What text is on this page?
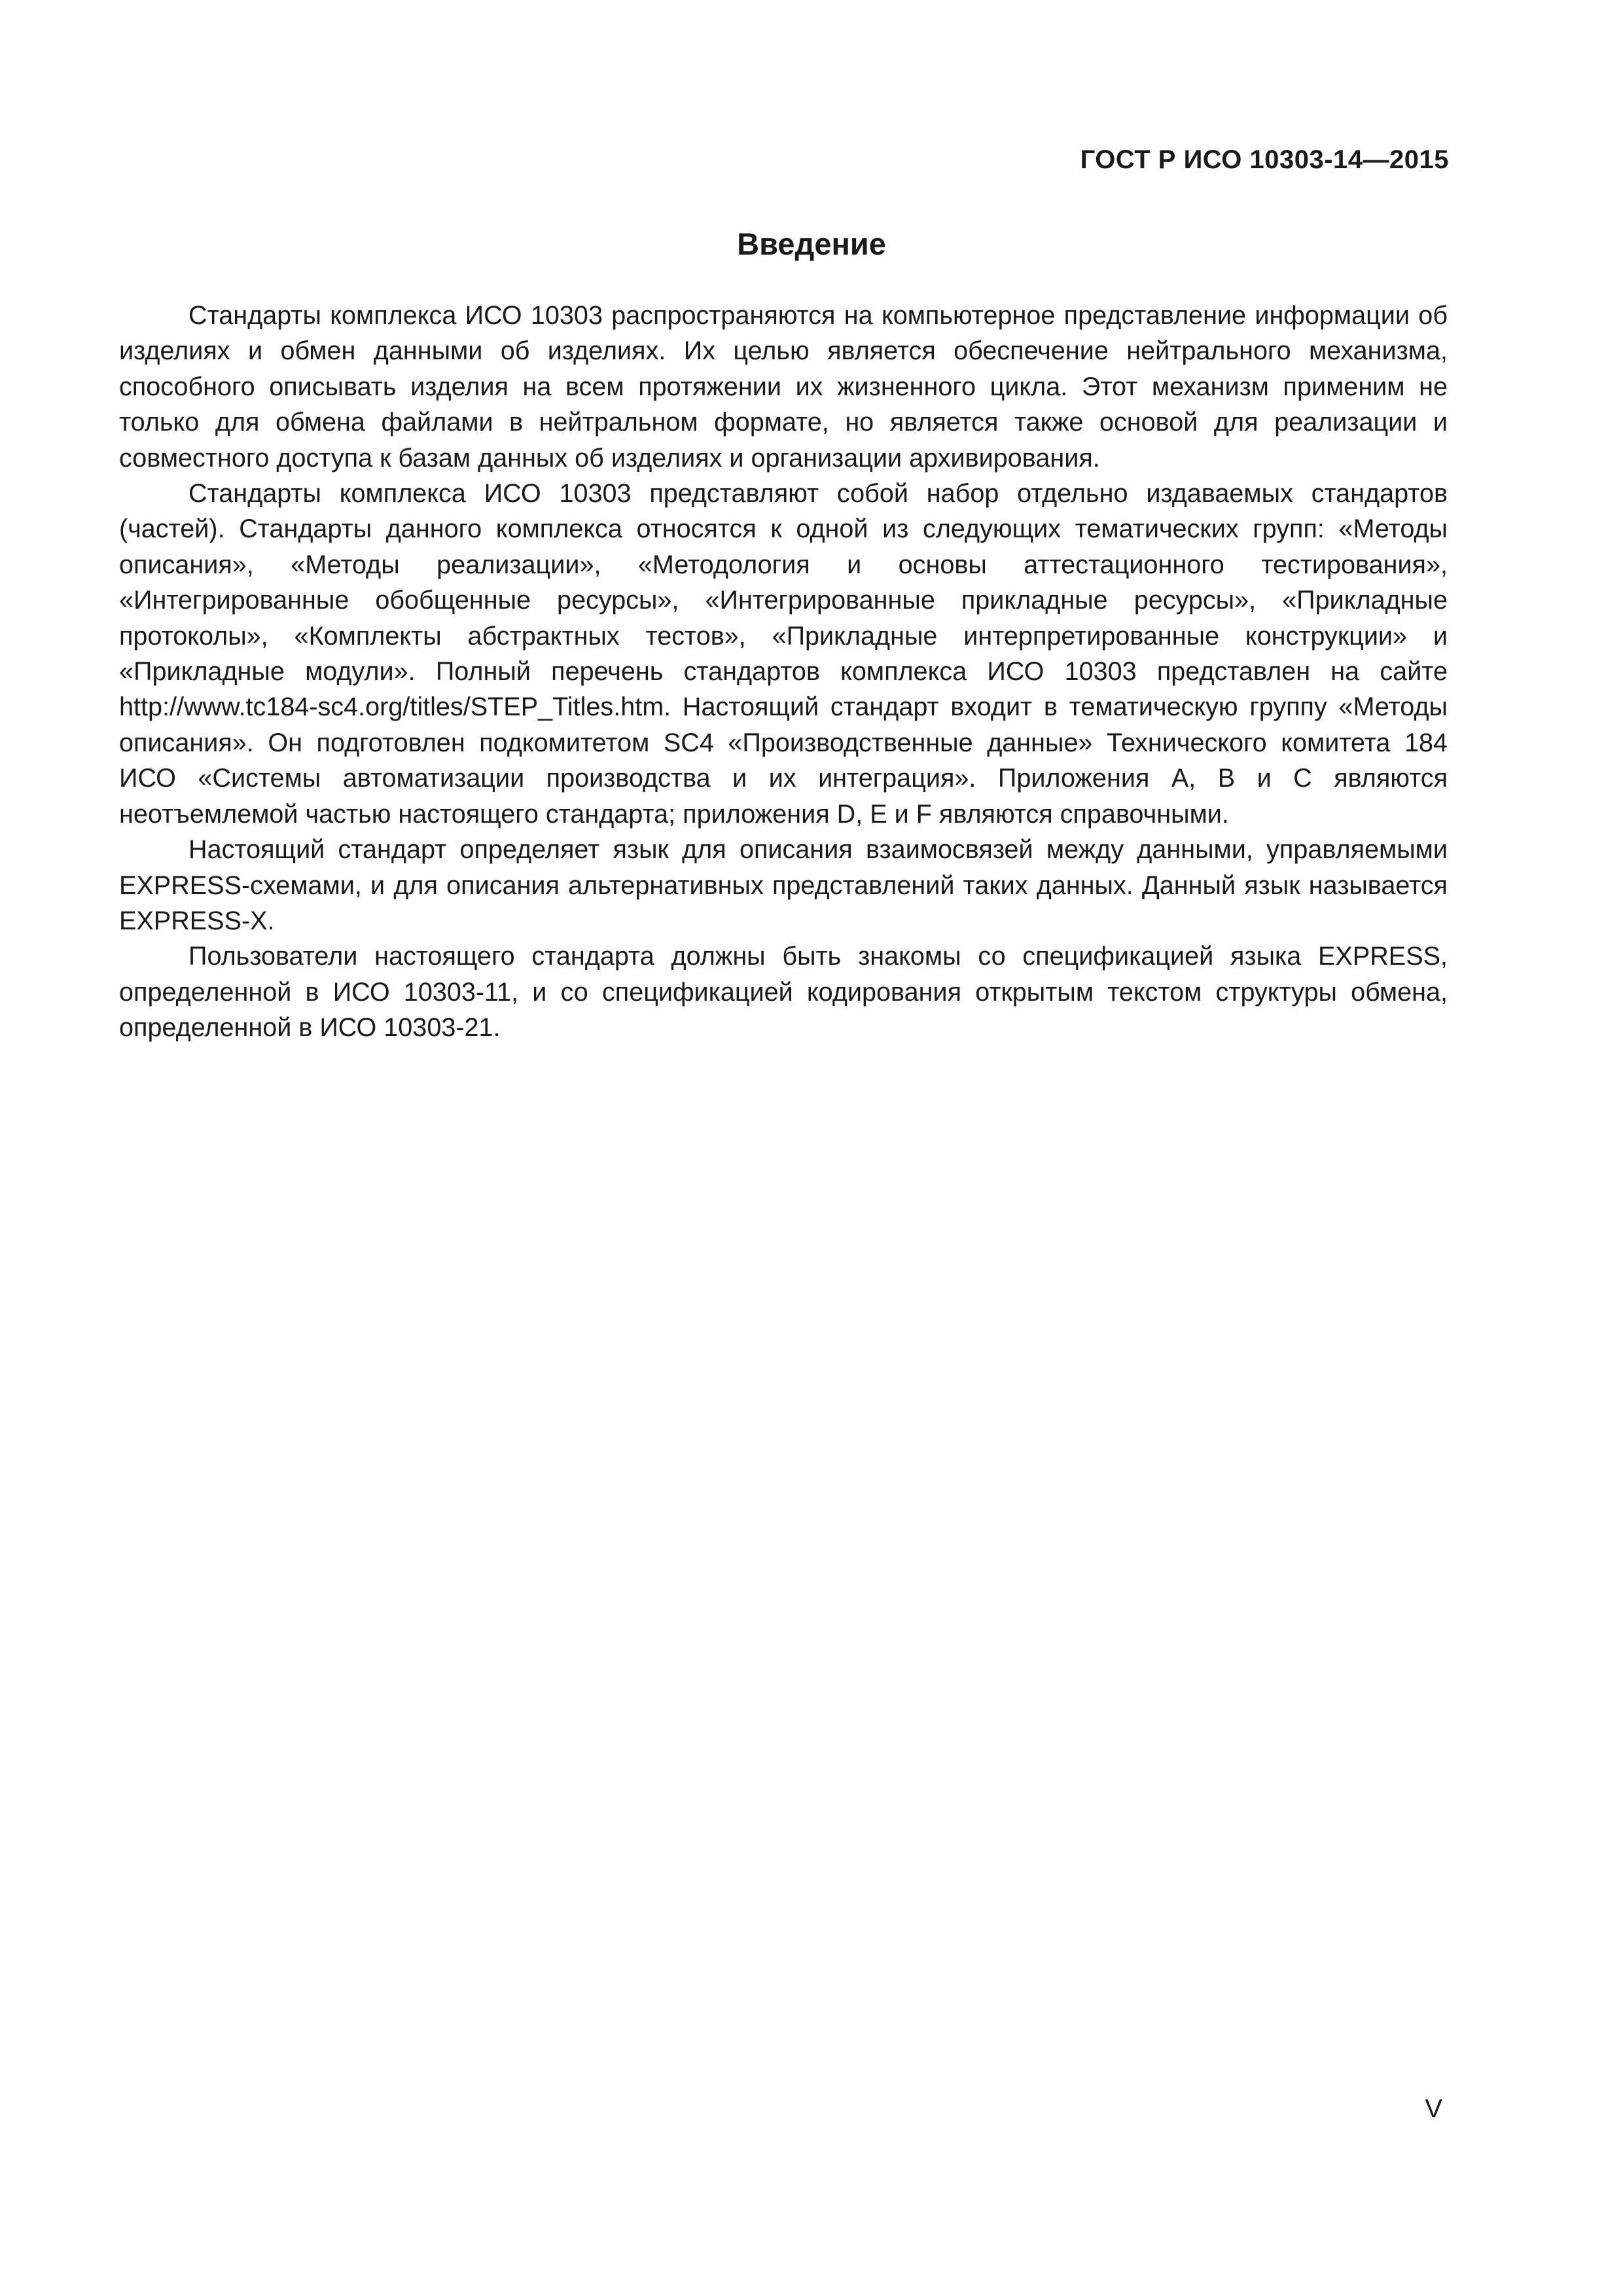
ГОСТ Р ИСО 10303-14—2015
Введение

Стандарты комплекса ИСО 10303 распространяются на компьютерное представление информации об изделиях и обмен данными об изделиях. Их целью является обеспечение нейтрального механизма, способного описывать изделия на всем протяжении их жизненного цикла. Этот механизм применим не только для обмена файлами в нейтральном формате, но является также основой для реализации и совместного доступа к базам данных об изделиях и организации архивирования.

Стандарты комплекса ИСО 10303 представляют собой набор отдельно издаваемых стандартов (частей). Стандарты данного комплекса относятся к одной из следующих тематических групп: «Методы описания», «Методы реализации», «Методология и основы аттестационного тестирования», «Интегрированные обобщенные ресурсы», «Интегрированные прикладные ресурсы», «Прикладные протоколы», «Комплекты абстрактных тестов», «Прикладные интерпретированные конструкции» и «Прикладные модули». Полный перечень стандартов комплекса ИСО 10303 представлен на сайте http://www.tc184-sc4.org/titles/STEP_Titles.htm. Настоящий стандарт входит в тематическую группу «Методы описания». Он подготовлен подкомитетом SC4 «Производственные данные» Технического комитета 184 ИСО «Системы автоматизации производства и их интеграция». Приложения А, В и С являются неотъемлемой частью настоящего стандарта; приложения D, Е и F являются справочными.

Настоящий стандарт определяет язык для описания взаимосвязей между данными, управляемыми EXPRESS-схемами, и для описания альтернативных представлений таких данных. Данный язык называется EXPRESS-X.

Пользователи настоящего стандарта должны быть знакомы со спецификацией языка EXPRESS, определенной в ИСО 10303-11, и со спецификацией кодирования открытым текстом структуры обмена, определенной в ИСО 10303-21.

V
